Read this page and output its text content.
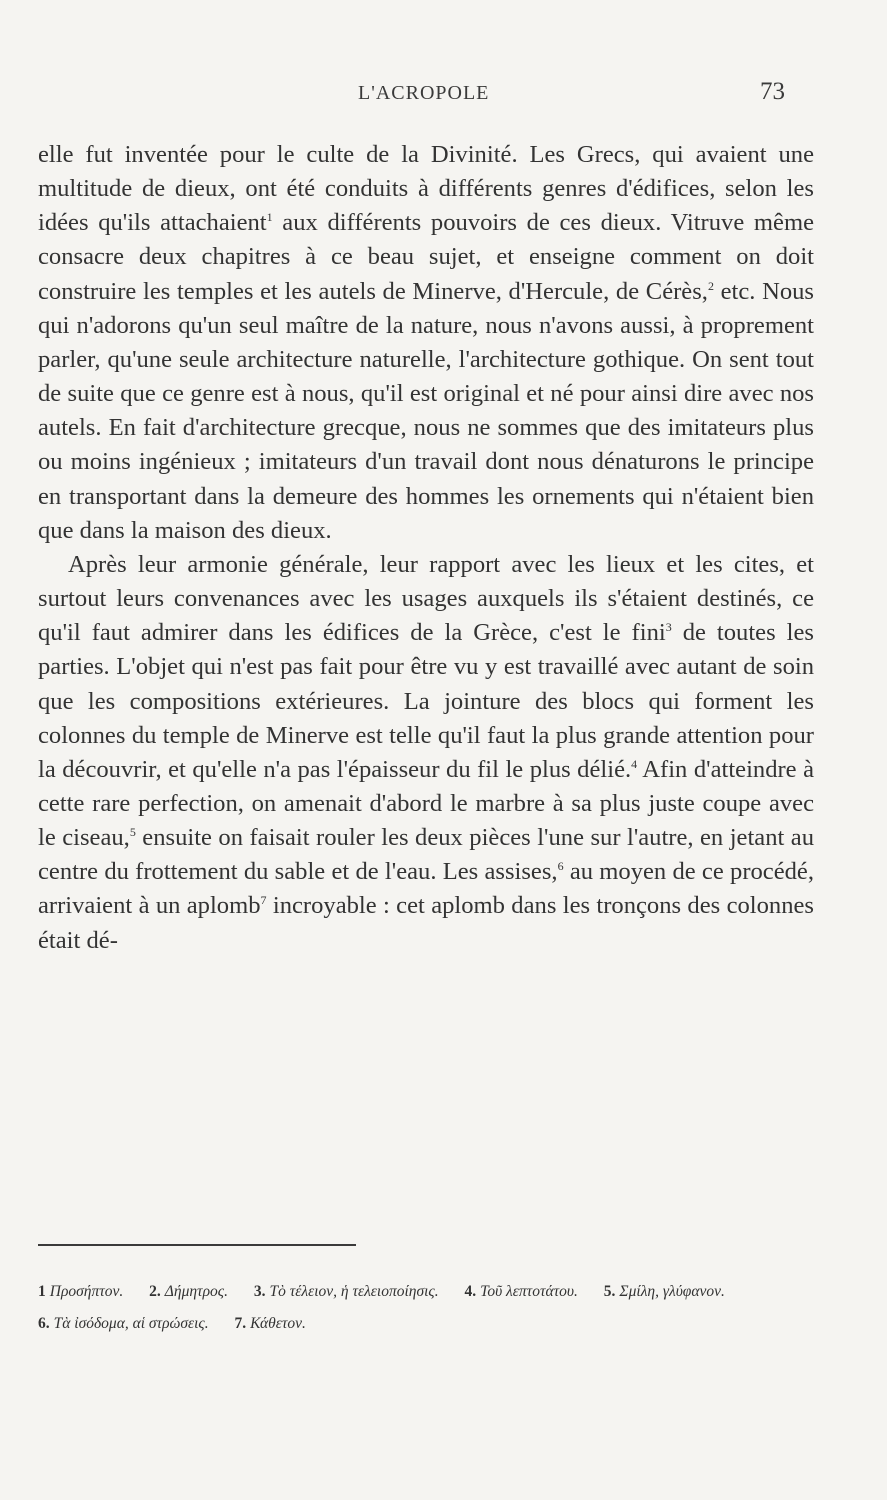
L'ACROPOLE	73

elle fut inventée pour le culte de la Divinité. Les Grecs, qui avaient une multitude de dieux, ont été conduits à différents genres d'édifices, selon les idées qu'ils attachaient$^1$ aux différents pouvoirs de ces dieux. Vitruve même consacre deux chapitres à ce beau sujet, et enseigne comment on doit construire les temples et les autels de Minerve, d'Hercule, de Cérès,$^2$ etc. Nous qui n'adorons qu'un seul maître de la nature, nous n'avons aussi, à proprement parler, qu'une seule architecture naturelle, l'architecture gothique. On sent tout de suite que ce genre est à nous, qu'il est original et né pour ainsi dire avec nos autels. En fait d'architecture grecque, nous ne sommes que des imitateurs plus ou moins ingénieux ; imitateurs d'un travail dont nous dénaturons le principe en transportant dans la demeure des hommes les ornements qui n'étaient bien que dans la maison des dieux.

Après leur armonie générale, leur rapport avec les lieux et les cites, et surtout leurs convenances avec les usages auxquels ils s'étaient destinés, ce qu'il faut admirer dans les édifices de la Grèce, c'est le fini$^3$ de toutes les parties. L'objet qui n'est pas fait pour être vu y est travaillé avec autant de soin que les compositions extérieures. La jointure des blocs qui forment les colonnes du temple de Minerve est telle qu'il faut la plus grande attention pour la découvrir, et qu'elle n'a pas l'épaisseur du fil le plus délié.$^4$ Afin d'atteindre à cette rare perfection, on amenait d'abord le marbre à sa plus juste coupe avec le ciseau,$^5$ ensuite on faisait rouler les deux pièces l'une sur l'autre, en jetant au centre du frottement du sable et de l'eau. Les assises,$^6$ au moyen de ce procédé, arrivaient à un aplomb$^7$ incroyable : cet aplomb dans les tronçons des colonnes était dé-

1 Προσήπτον. 2. Δήμητρος. 3. Τὸ τέλειον, ἡ τελειοποίησις. 4. Τοῦ λεπτοτάτου. 5. Σμίλη, γλύφανον. 6. Τὰ ἰσόδομα, αἱ στρώσεις. 7. Κάθετον.
